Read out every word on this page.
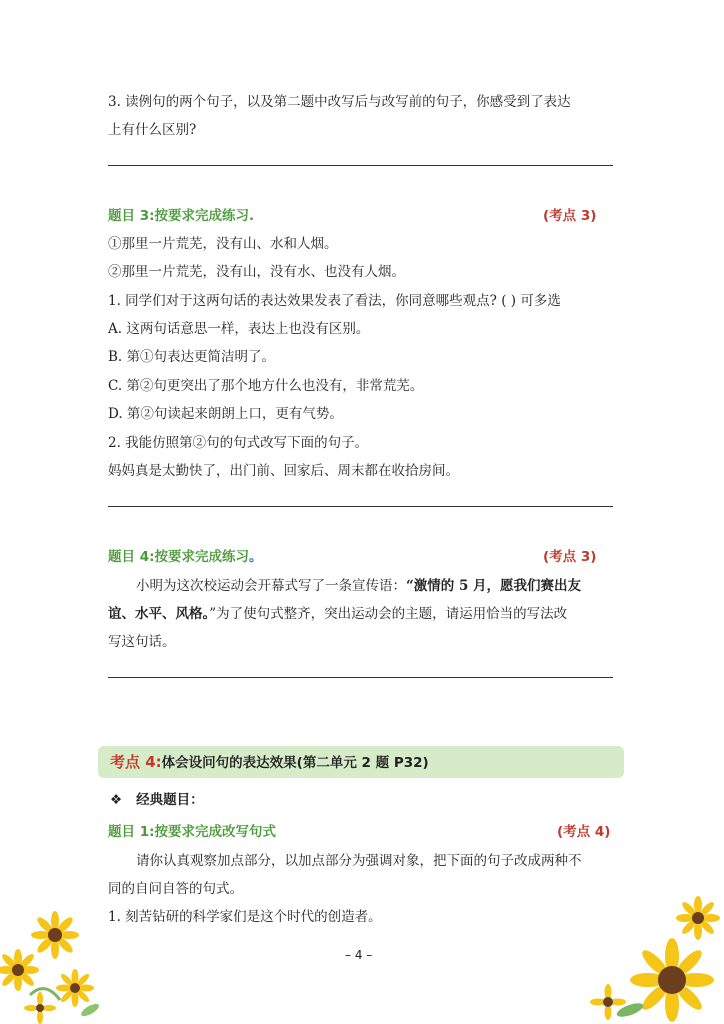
3. 读例句的两个句子，以及第二题中改写后与改写前的句子，你感受到了表达
上有什么区别?
题目 3:按要求完成练习.	(考点 3)
①那里一片荒芜，没有山、水和人烟。
②那里一片荒芜，没有山，没有水、也没有人烟。
1. 同学们对于这两句话的表达效果发表了看法，你同意哪些观点? ( ) 可多选
A. 这两句话意思一样，表达上也没有区别。
B. 第①句表达更简洁明了。
C. 第②句更突出了那个地方什么也没有，非常荒芜。
D. 第②句读起来朗朗上口，更有气势。
2. 我能仿照第②句的句式改写下面的句子。
妈妈真是太勤快了，出门前、回家后、周末都在收拾房间。
题目 4:按要求完成练习。	(考点 3)
小明为这次校运动会开幕式写了一条宣传语：“激情的 5 月，愿我们赛出友
谊、水平、风格。”为了使句式整齐，突出运动会的主题，请运用恰当的写法改
写这句话。
考点 4:体会设问句的表达效果(第二单元 2 题 P32)
❖ 经典题目：
题目 1:按要求完成改写句式	(考点 4)
请你认真观察加点部分，以加点部分为强调对象，把下面的句子改成两种不
同的自问自答的句式。
1. 刻苦钻研的科学家们是这个时代的创造者。
– 4 –
